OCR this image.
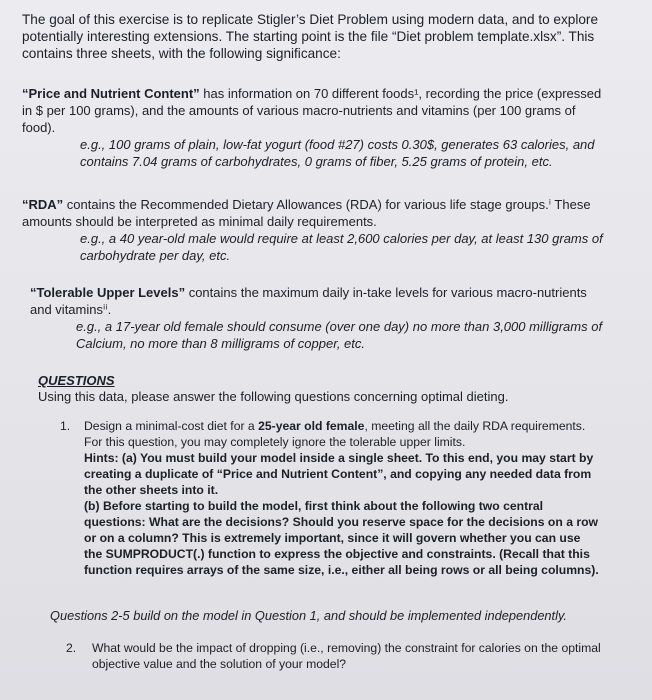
The goal of this exercise is to replicate Stigler’s Diet Problem using modern data, and to explore potentially interesting extensions. The starting point is the file “Diet problem template.xlsx”. This contains three sheets, with the following significance:

“Price and Nutrient Content” has information on 70 different foods¹, recording the price (expressed in $ per 100 grams), and the amounts of various macro-nutrients and vitamins (per 100 grams of food).

e.g., 100 grams of plain, low-fat yogurt (food #27) costs 0.30$, generates 63 calories, and contains 7.04 grams of carbohydrates, 0 grams of fiber, 5.25 grams of protein, etc.

“RDA” contains the Recommended Dietary Allowances (RDA) for various life stage groups.ⁱ These amounts should be interpreted as minimal daily requirements.

e.g., a 40 year-old male would require at least 2,600 calories per day, at least 130 grams of carbohydrate per day, etc.

“Tolerable Upper Levels” contains the maximum daily in-take levels for various macro-nutrients and vitaminsⁱⁱ.

e.g., a 17-year old female should consume (over one day) no more than 3,000 milligrams of Calcium, no more than 8 milligrams of copper, etc.

QUESTIONS

Using this data, please answer the following questions concerning optimal dieting.

1. Design a minimal-cost diet for a 25-year old female, meeting all the daily RDA requirements. For this question, you may completely ignore the tolerable upper limits.

Hints: (a) You must build your model inside a single sheet. To this end, you may start by creating a duplicate of “Price and Nutrient Content”, and copying any needed data from the other sheets into it.

(b) Before starting to build the model, first think about the following two central questions: What are the decisions? Should you reserve space for the decisions on a row or on a column? This is extremely important, since it will govern whether you can use the SUMPRODUCT(.) function to express the objective and constraints. (Recall that this function requires arrays of the same size, i.e., either all being rows or all being columns).

Questions 2-5 build on the model in Question 1, and should be implemented independently.

2. What would be the impact of dropping (i.e., removing) the constraint for calories on the optimal objective value and the solution of your model?
